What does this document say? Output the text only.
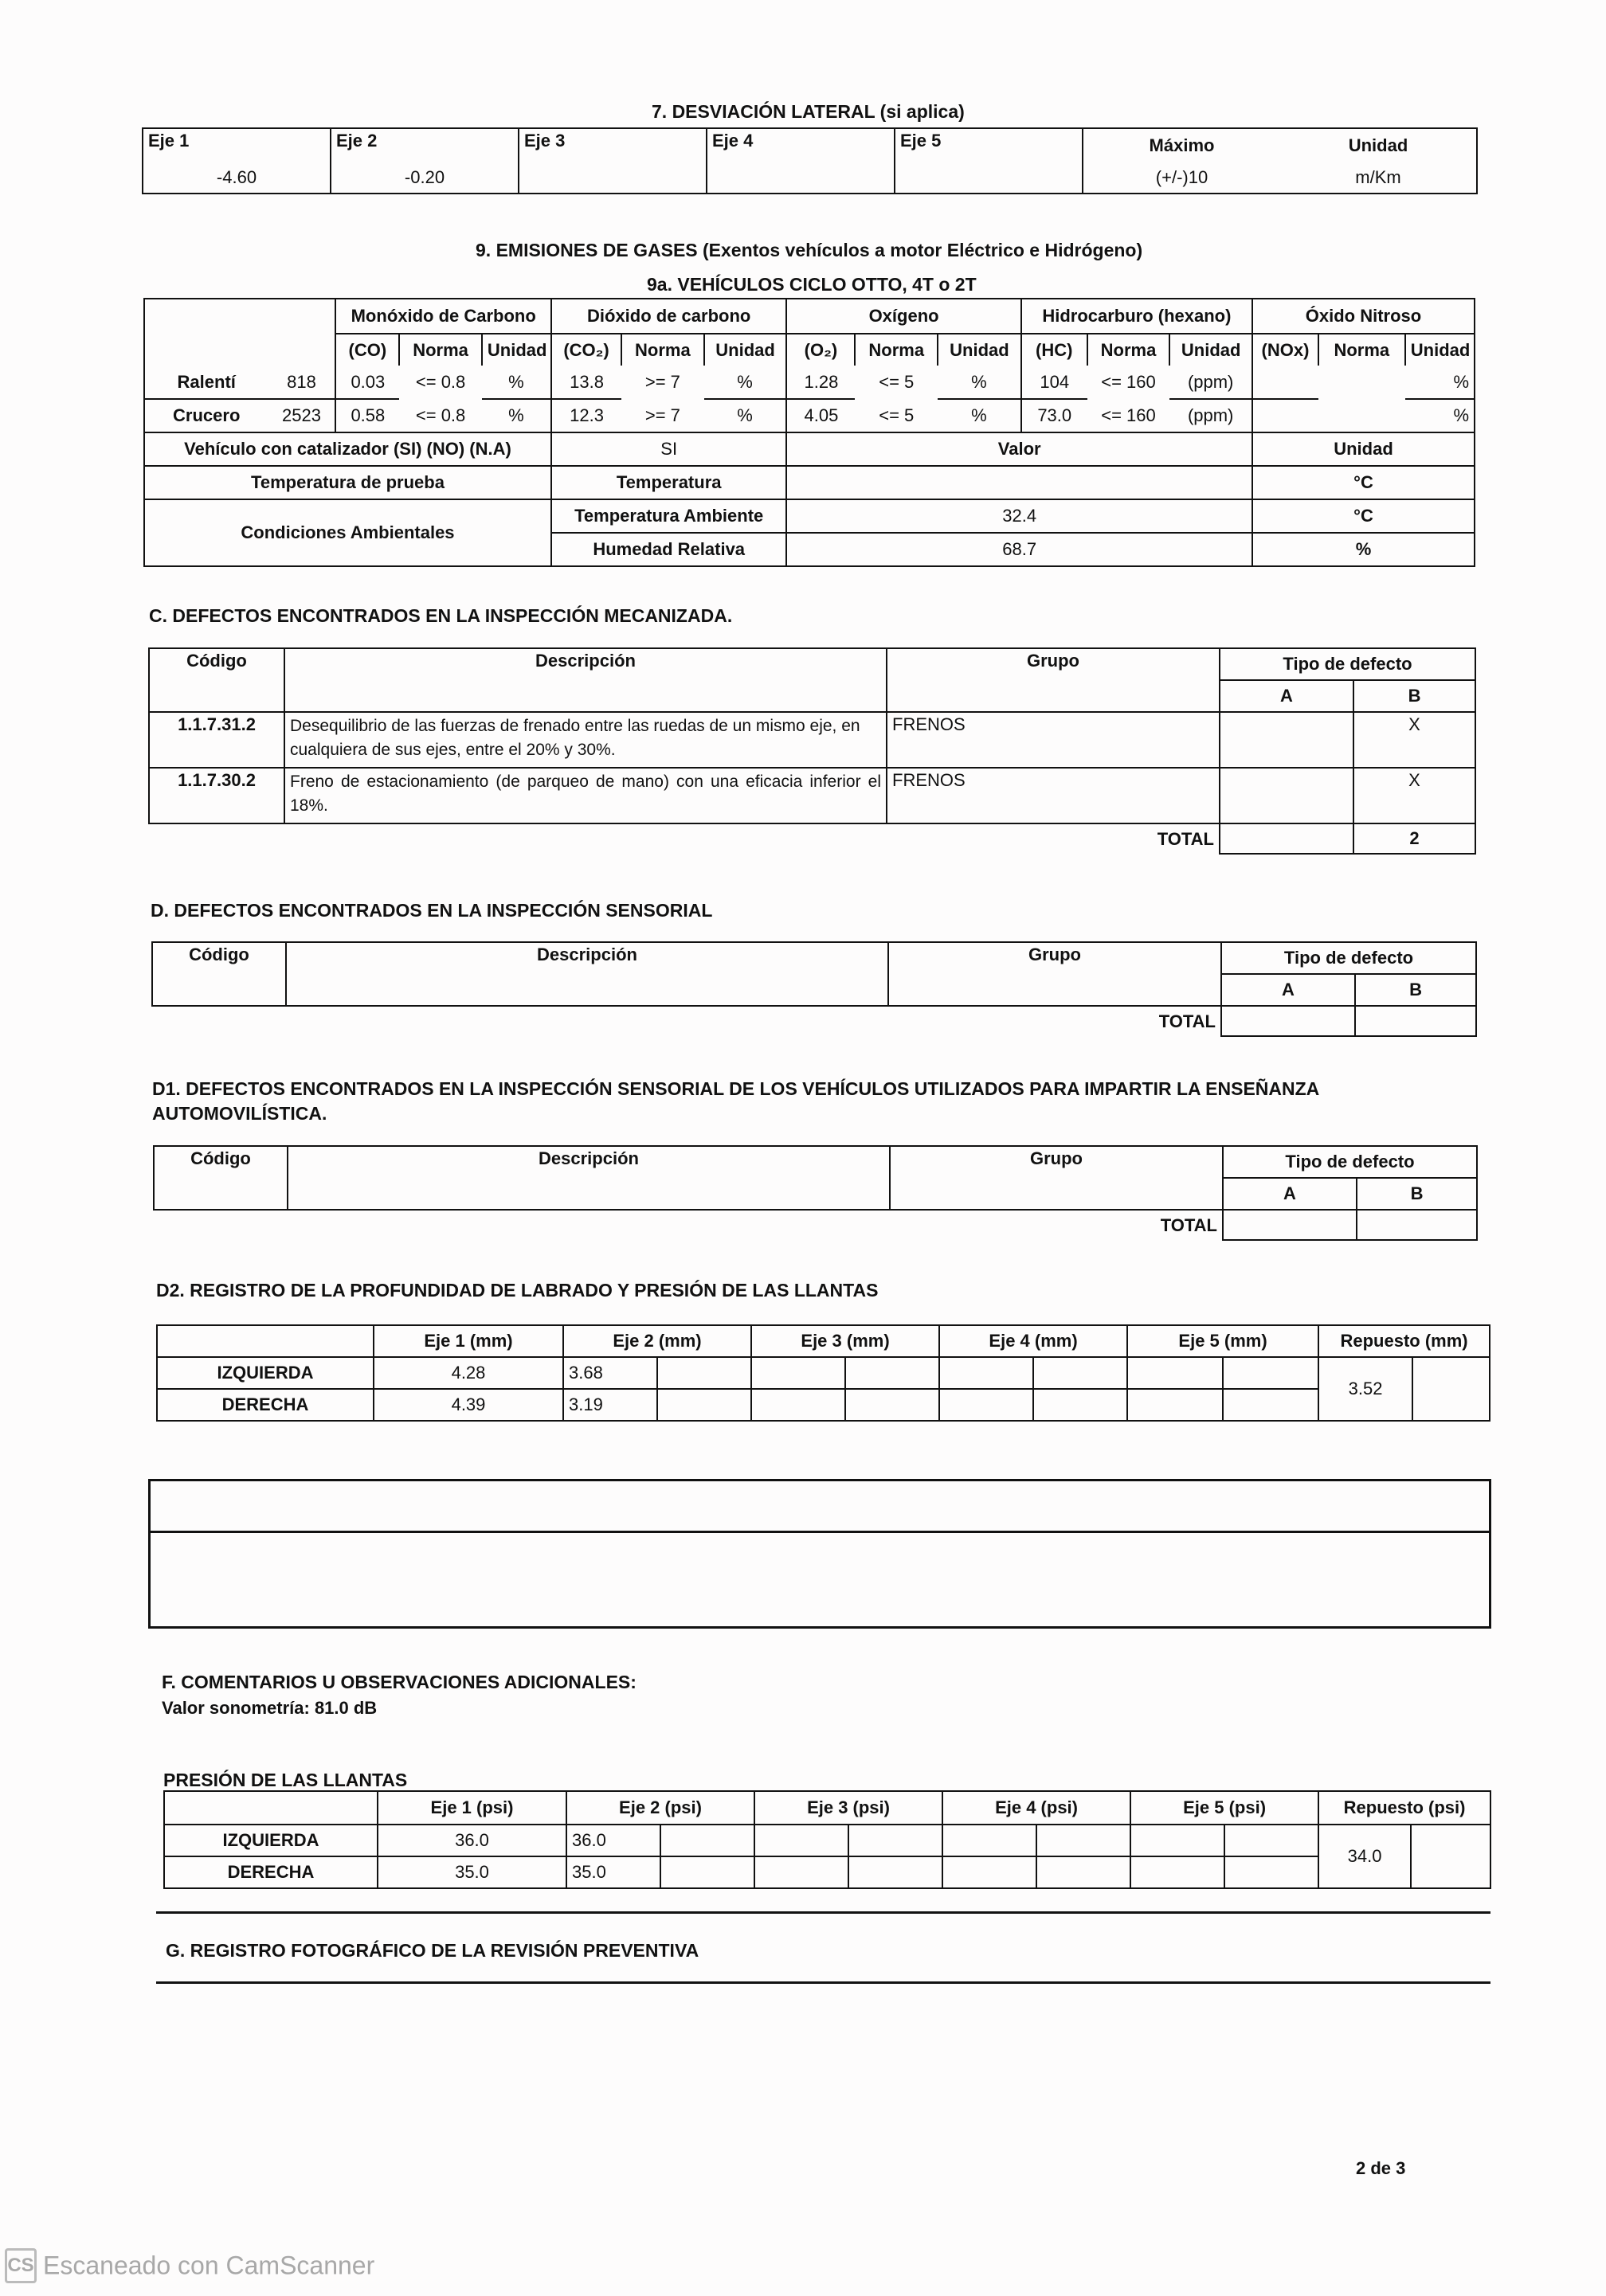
7. DESVIACIÓN LATERAL (si aplica)
Eje 1	Eje 2	Eje 3	Eje 4	Eje 5	Máximo	Unidad
-4.60	-0.20				(+/-)10	m/Km
9. EMISIONES DE GASES (Exentos vehículos a motor Eléctrico e Hidrógeno)
9a. VEHÍCULOS CICLO OTTO, 4T o 2T
		Monóxido de Carbono			Dióxido de carbono			Oxígeno			Hidrocarburo (hexano)			Óxido Nitroso		
		(CO)	Norma	Unidad	(CO₂)	Norma	Unidad	(O₂)	Norma	Unidad	(HC)	Norma	Unidad	(NOx)	Norma	Unidad
Ralentí	818	0.03	<= 0.8	%	13.8	>= 7	%	1.28	<= 5	%	104	<= 160	(ppm)			%
Crucero	2523	0.58	<= 0.8	%	12.3	>= 7	%	4.05	<= 5	%	73.0	<= 160	(ppm)			%
Vehículo con catalizador (SI) (NO) (N.A)					SI			Valor						Unidad		
Temperatura de prueba					Temperatura									°C		
Condiciones Ambientales					Temperatura Ambiente			32.4						°C		
					Humedad Relativa			68.7						%		
C. DEFECTOS ENCONTRADOS EN LA INSPECCIÓN MECANIZADA.
Código	Descripción	Grupo	Tipo de defecto	
			A	B
1.1.7.31.2	Desequilibrio de las fuerzas de frenado entre las ruedas de un mismo eje, en cualquiera de sus ejes, entre el 20% y 30%.	FRENOS		X
1.1.7.30.2	Freno de estacionamiento (de parqueo de mano) con una eficacia inferior el 18%.	FRENOS		X
TOTAL				2
D. DEFECTOS ENCONTRADOS EN LA INSPECCIÓN SENSORIAL
Código	Descripción	Grupo	Tipo de defecto	
			A	B
TOTAL				
D1. DEFECTOS ENCONTRADOS EN LA INSPECCIÓN SENSORIAL DE LOS VEHÍCULOS UTILIZADOS PARA IMPARTIR LA ENSEÑANZA AUTOMOVILÍSTICA.
Código	Descripción	Grupo	Tipo de defecto	
			A	B
TOTAL				
D2. REGISTRO DE LA PROFUNDIDAD DE LABRADO Y PRESIÓN DE LAS LLANTAS
	Eje 1 (mm)	Eje 2 (mm)		Eje 3 (mm)		Eje 4 (mm)		Eje 5 (mm)		Repuesto (mm)	
IZQUIERDA	4.28	3.68								3.52	
DERECHA	4.39	3.19									
F. COMENTARIOS U OBSERVACIONES ADICIONALES:
Valor sonometría: 81.0 dB
PRESIÓN DE LAS LLANTAS
	Eje 1 (psi)	Eje 2 (psi)		Eje 3 (psi)		Eje 4 (psi)		Eje 5 (psi)		Repuesto (psi)	
IZQUIERDA	36.0	36.0								34.0	
DERECHA	35.0	35.0									
G. REGISTRO FOTOGRÁFICO DE LA REVISIÓN PREVENTIVA
2 de 3
CS Escaneado con CamScanner
